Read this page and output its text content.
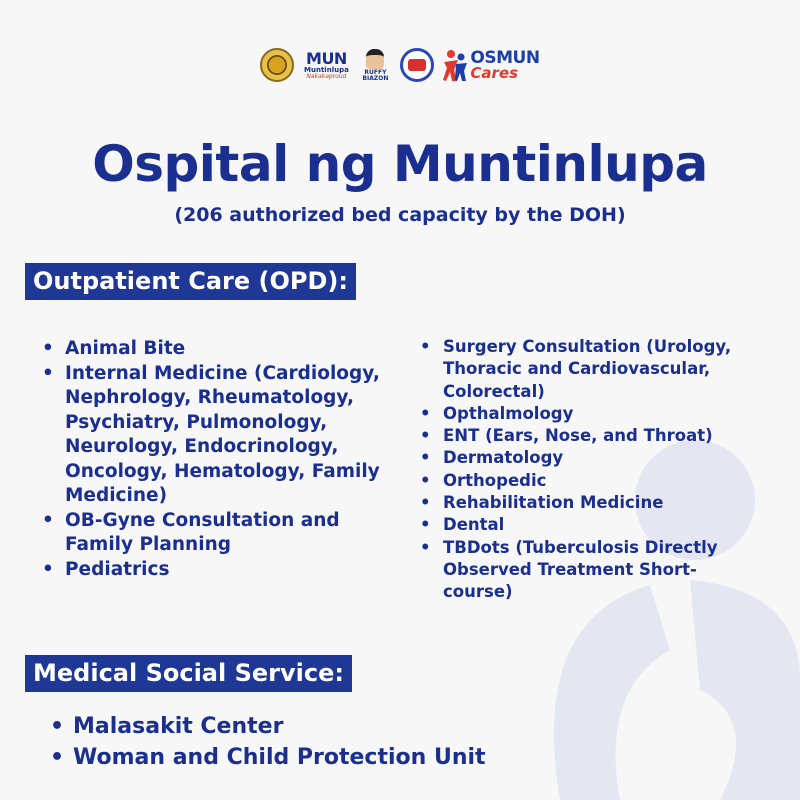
MUN
Muntinlupa
Nakakaproud
RUFFY BIAZON
OSMUN
Cares
Ospital ng Muntinlupa

(206 authorized bed capacity by the DOH)

Outpatient Care (OPD):
• Animal Bite
• Internal Medicine (Cardiology, Nephrology, Rheumatology, Psychiatry, Pulmonology, Neurology, Endocrinology, Oncology, Hematology, Family Medicine)
• OB-Gyne Consultation and Family Planning
• Pediatrics
• Surgery Consultation (Urology, Thoracic and Cardiovascular, Colorectal)
• Opthalmology
• ENT (Ears, Nose, and Throat)
• Dermatology
• Orthopedic
• Rehabilitation Medicine
• Dental
• TBDots (Tuberculosis Directly Observed Treatment Short-course)
Medical Social Service:
• Malasakit Center
• Woman and Child Protection Unit
